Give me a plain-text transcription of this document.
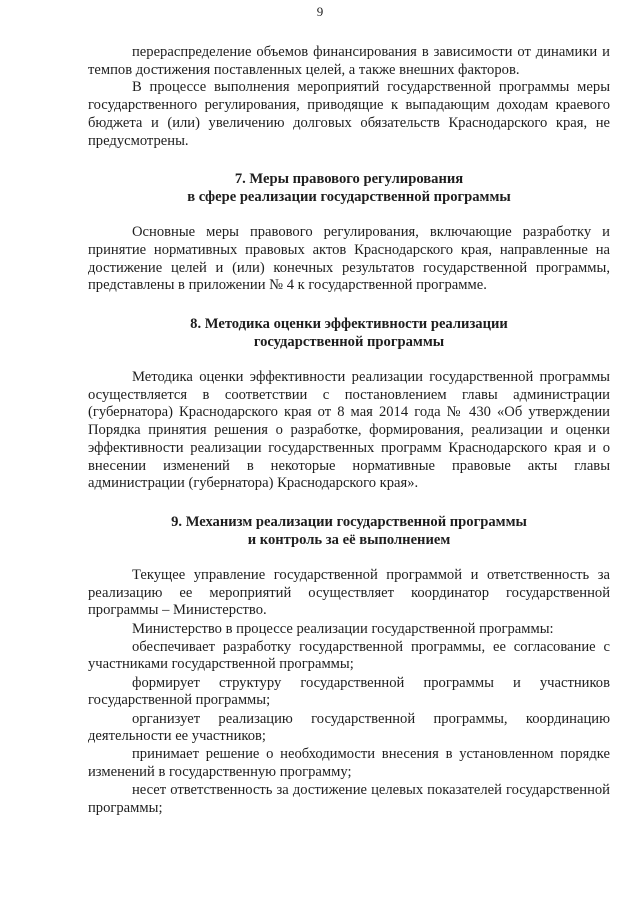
9

перераспределение объемов финансирования в зависимости от динамики и темпов достижения поставленных целей, а также внешних факторов.

В процессе выполнения мероприятий государственной программы меры государственного регулирования, приводящие к выпадающим доходам краевого бюджета и (или) увеличению долговых обязательств Краснодарского края, не предусмотрены.

7. Меры правового регулирования
в сфере реализации государственной программы

Основные меры правового регулирования, включающие разработку и принятие нормативных правовых актов Краснодарского края, направленные на достижение целей и (или) конечных результатов государственной программы, представлены в приложении № 4 к государственной программе.

8. Методика оценки эффективности реализации
государственной программы

Методика оценки эффективности реализации государственной программы осуществляется в соответствии с постановлением главы администрации (губернатора) Краснодарского края от 8 мая 2014 года № 430 «Об утверждении Порядка принятия решения о разработке, формирования, реализации и оценки эффективности реализации государственных программ Краснодарского края и о внесении изменений в некоторые нормативные правовые акты главы администрации (губернатора) Краснодарского края».

9. Механизм реализации государственной программы
и контроль за её выполнением

Текущее управление государственной программой и ответственность за реализацию ее мероприятий осуществляет координатор государственной программы – Министерство.

Министерство в процессе реализации государственной программы:

обеспечивает разработку государственной программы, ее согласование с участниками государственной программы;

формирует структуру государственной программы и участников государственной программы;

организует реализацию государственной программы, координацию деятельности ее участников;

принимает решение о необходимости внесения в установленном порядке изменений в государственную программу;

несет ответственность за достижение целевых показателей государственной программы;
